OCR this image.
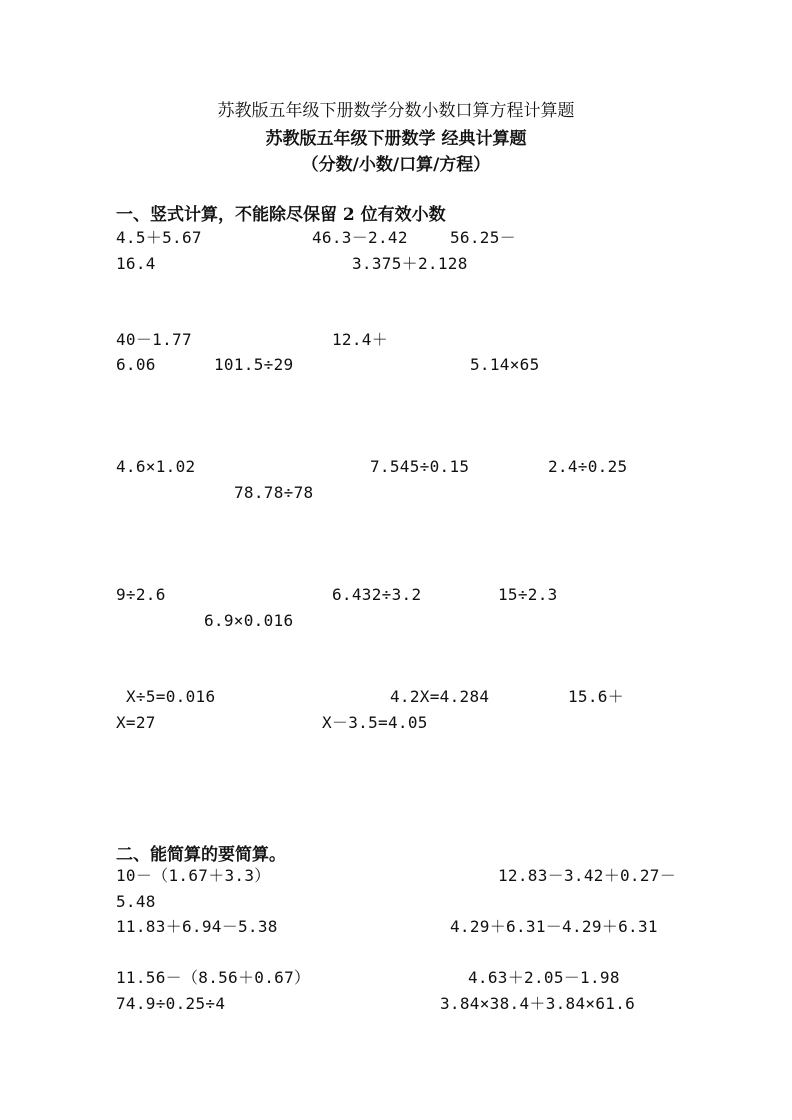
苏教版五年级下册数学分数小数口算方程计算题
苏教版五年级下册数学 经典计算题
（分数/小数/口算/方程）
一、竖式计算，不能除尽保留 2 位有效小数
4.5＋5.67	46.3－2.42	56.25－
16.4	3.375＋2.128
40－1.77	12.4＋
6.06	101.5÷29	5.14×65
4.6×1.02	7.545÷0.15	2.4÷0.25
78.78÷78
9÷2.6	6.432÷3.2	15÷2.3
6.9×0.016
X÷5=0.016	4.2X=4.284	15.6＋
X=27	X－3.5=4.05
二、能简算的要简算。
10－（1.67＋3.3）	12.83－3.42＋0.27－
5.48
11.83＋6.94－5.38	4.29＋6.31－4.29＋6.31
11.56－（8.56＋0.67）	4.63＋2.05－1.98
74.9÷0.25÷4	3.84×38.4＋3.84×61.6
